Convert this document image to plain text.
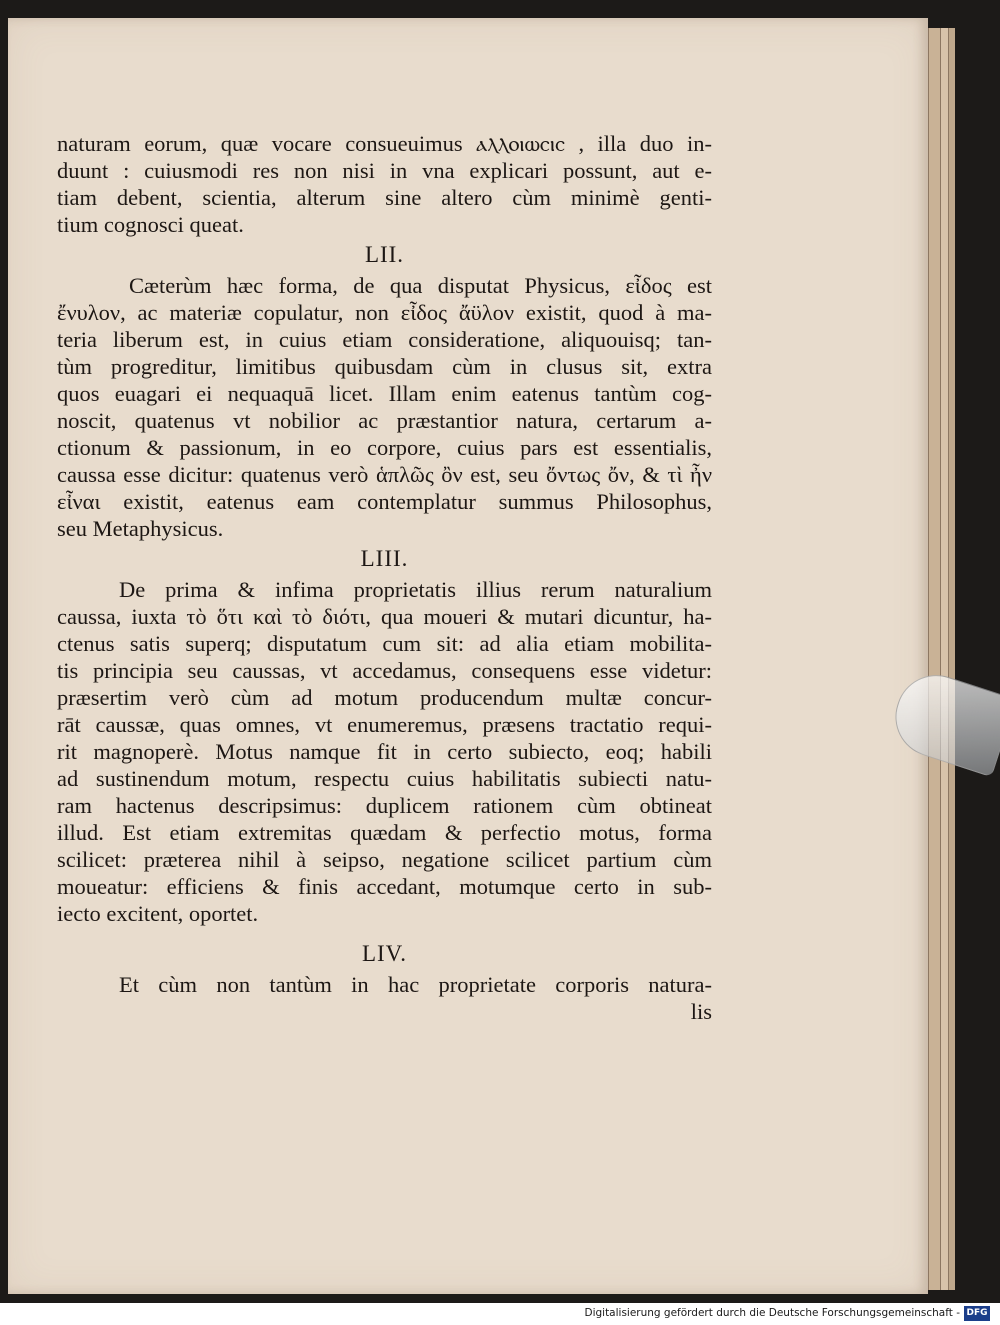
naturam eorum, quæ vocare consueuimus ⲁⲗⲗⲟⲓⲱⲥⲓⲥ , illa duo in-
duunt : cuiusmodi res non nisi in vna explicari possunt, aut e-
tiam debent, scientia, alterum sine altero cùm minimè genti-
tium cognosci queat.
LII.
Cæterùm hæc forma, de qua disputat Physicus, εἶδος est
ἔνυλον, ac materiæ copulatur, non εἶδος ἄϋλον existit, quod à ma-
teria liberum est, in cuius etiam consideratione, aliquouisq; tan-
tùm progreditur, limitibus quibusdam cùm in clusus sit, extra
quos euagari ei nequaquā licet. Illam enim eatenus tantùm cog-
noscit, quatenus vt nobilior ac præstantior natura, certarum a-
ctionum & passionum, in eo corpore, cuius pars est essentialis,
caussa esse dicitur: quatenus verò ἁπλῶς ὂν est, seu ὄντως ὄν, & τὶ ἦν
εἶναι existit, eatenus eam contemplatur summus Philosophus,
seu Metaphysicus.
LIII.
De prima & infima proprietatis illius rerum naturalium
caussa, iuxta τὸ ὅτι καὶ τὸ διότι, qua moueri & mutari dicuntur, ha-
ctenus satis superq; disputatum cum sit: ad alia etiam mobilita-
tis principia seu caussas, vt accedamus, consequens esse videtur:
præsertim verò cùm ad motum producendum multæ concur-
rāt caussæ, quas omnes, vt enumeremus, præsens tractatio requi-
rit magnoperè. Motus namque fit in certo subiecto, eoq; habili
ad sustinendum motum, respectu cuius habilitatis subiecti natu-
ram hactenus descripsimus: duplicem rationem cùm obtineat
illud. Est etiam extremitas quædam & perfectio motus, forma
scilicet: præterea nihil à seipso, negatione scilicet partium cùm
moueatur: efficiens & finis accedant, motumque certo in sub-
iecto excitent, oportet.
LIV.
Et cùm non tantùm in hac proprietate corporis natura-
lis
Digitalisierung gefördert durch die Deutsche Forschungsgemeinschaft - DFG
